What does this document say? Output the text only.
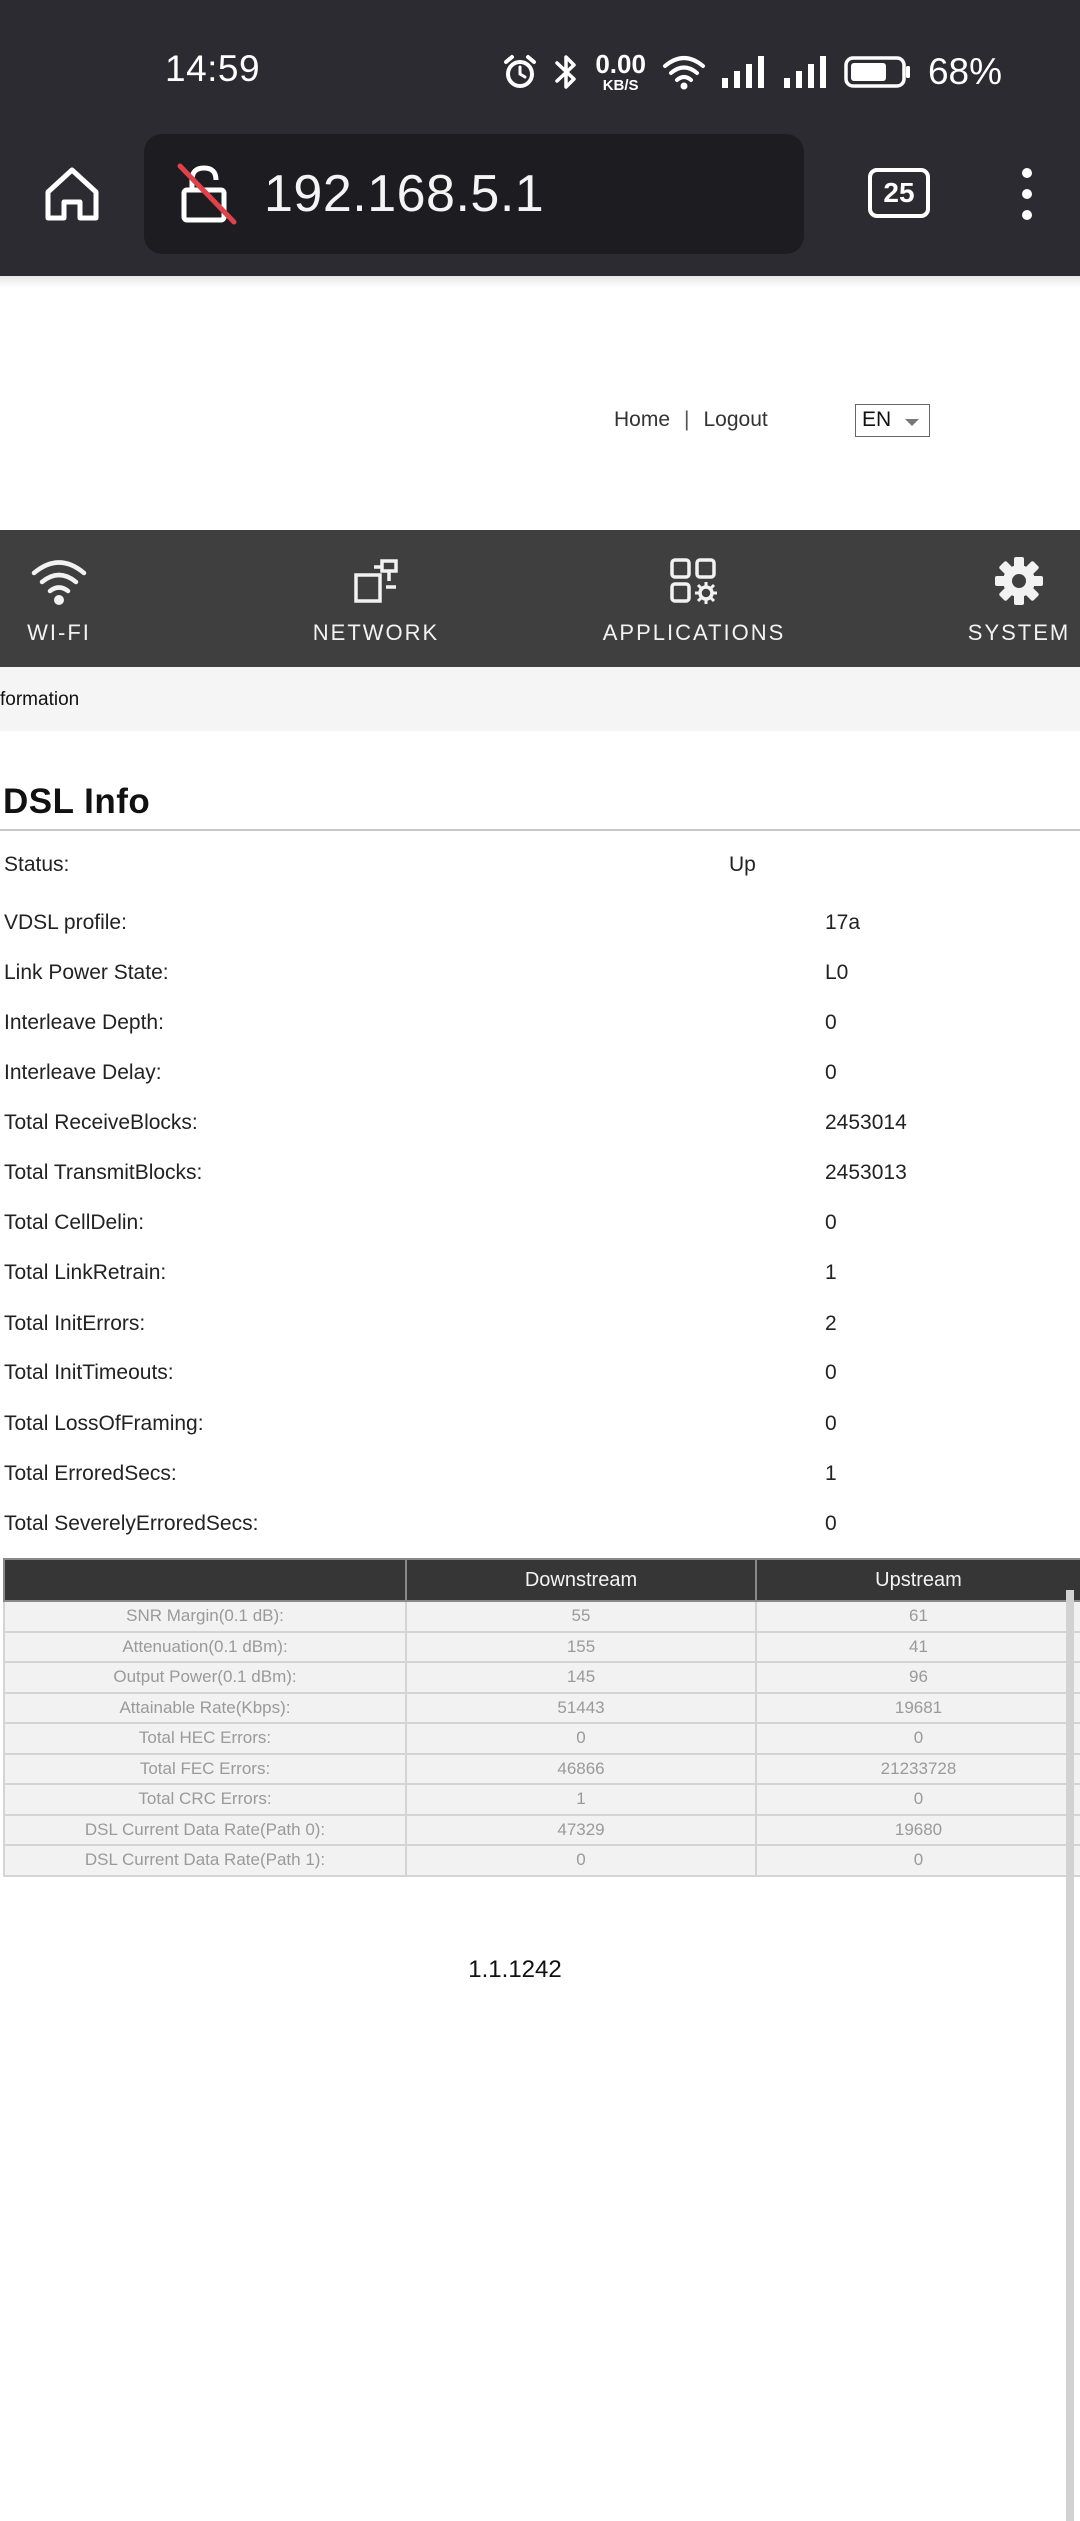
14:59	0.00
KB/S	68%
192.168.5.1	25
Home | Logout	EN
WI-FI	NETWORK	APPLICATIONS	SYSTEM
formation
DSL Info
Status:	Up
VDSL profile:	17a
Link Power State:	L0
Interleave Depth:	0
Interleave Delay:	0
Total ReceiveBlocks:	2453014
Total TransmitBlocks:	2453013
Total CellDelin:	0
Total LinkRetrain:	1
Total InitErrors:	2
Total InitTimeouts:	0
Total LossOfFraming:	0
Total ErroredSecs:	1
Total SeverelyErroredSecs:	0
	Downstream	Upstream
SNR Margin(0.1 dB):	55	61
Attenuation(0.1 dBm):	155	41
Output Power(0.1 dBm):	145	96
Attainable Rate(Kbps):	51443	19681
Total HEC Errors:	0	0
Total FEC Errors:	46866	21233728
Total CRC Errors:	1	0
DSL Current Data Rate(Path 0):	47329	19680
DSL Current Data Rate(Path 1):	0	0
1.1.1242
